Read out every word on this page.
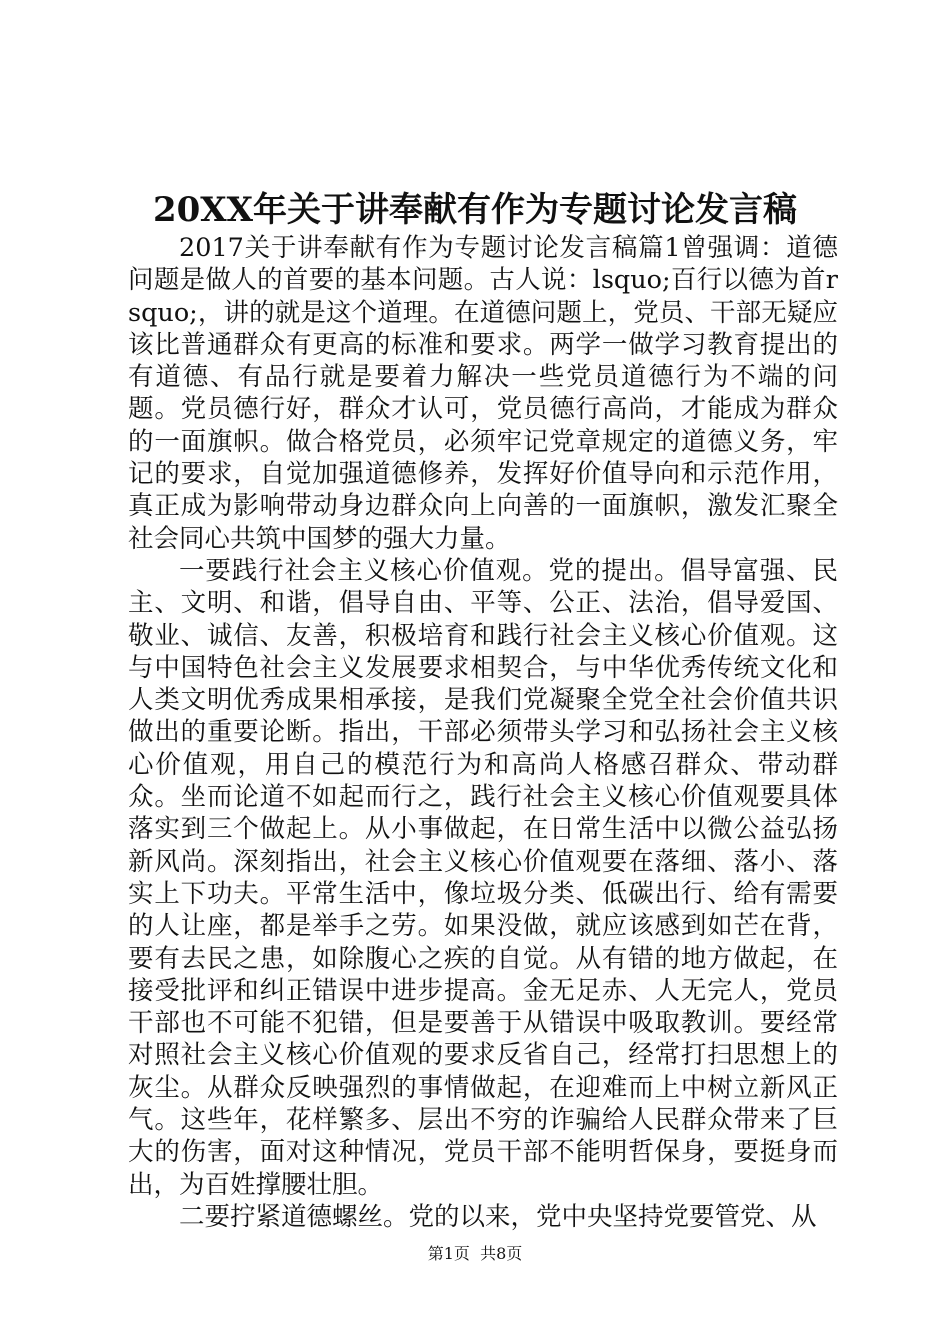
20XX年关于讲奉献有作为专题讨论发言稿

2017关于讲奉献有作为专题讨论发言稿篇1曾强调：道德问题是做人的首要的基本问题。古人说：lsquo;百行以德为首rsquo;，讲的就是这个道理。在道德问题上，党员、干部无疑应该比普通群众有更高的标准和要求。两学一做学习教育提出的有道德、有品行就是要着力解决一些党员道德行为不端的问题。党员德行好，群众才认可，党员德行高尚，才能成为群众的一面旗帜。做合格党员，必须牢记党章规定的道德义务，牢记的要求，自觉加强道德修养，发挥好价值导向和示范作用，真正成为影响带动身边群众向上向善的一面旗帜，激发汇聚全社会同心共筑中国梦的强大力量。

一要践行社会主义核心价值观。党的提出。倡导富强、民主、文明、和谐，倡导自由、平等、公正、法治，倡导爱国、敬业、诚信、友善，积极培育和践行社会主义核心价值观。这与中国特色社会主义发展要求相契合，与中华优秀传统文化和人类文明优秀成果相承接，是我们党凝聚全党全社会价值共识做出的重要论断。指出，干部必须带头学习和弘扬社会主义核心价值观，用自己的模范行为和高尚人格感召群众、带动群众。坐而论道不如起而行之，践行社会主义核心价值观要具体落实到三个做起上。从小事做起，在日常生活中以微公益弘扬新风尚。深刻指出，社会主义核心价值观要在落细、落小、落实上下功夫。平常生活中，像垃圾分类、低碳出行、给有需要的人让座，都是举手之劳。如果没做，就应该感到如芒在背，要有去民之患，如除腹心之疾的自觉。从有错的地方做起，在接受批评和纠正错误中进步提高。金无足赤、人无完人，党员干部也不可能不犯错，但是要善于从错误中吸取教训。要经常对照社会主义核心价值观的要求反省自己，经常打扫思想上的灰尘。从群众反映强烈的事情做起，在迎难而上中树立新风正气。这些年，花样繁多、层出不穷的诈骗给人民群众带来了巨大的伤害，面对这种情况，党员干部不能明哲保身，要挺身而出，为百姓撑腰壮胆。

二要拧紧道德螺丝。党的以来，党中央坚持党要管党、从

第1页  共8页
